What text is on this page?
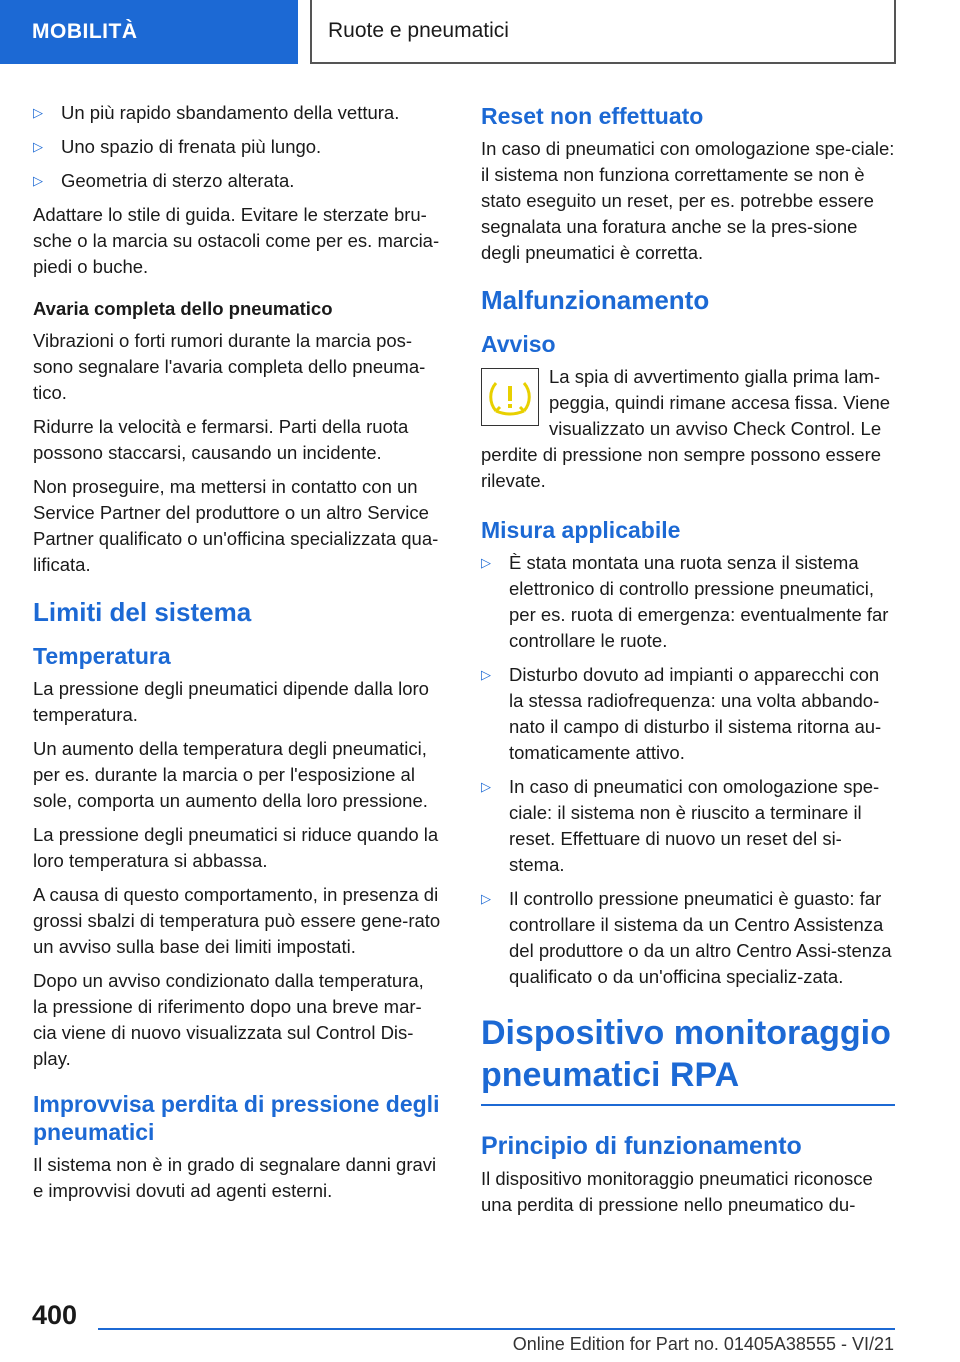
MOBILITÀ	Ruote e pneumatici
▷ Un più rapido sbandamento della vettura.
▷ Uno spazio di frenata più lungo.
▷ Geometria di sterzo alterata.

Adattare lo stile di guida. Evitare le sterzate bru-sche o la marcia su ostacoli come per es. marcia-piedi o buche.

Avaria completa dello pneumatico

Vibrazioni o forti rumori durante la marcia pos-sono segnalare l'avaria completa dello pneuma-tico.

Ridurre la velocità e fermarsi. Parti della ruota possono staccarsi, causando un incidente.

Non proseguire, ma mettersi in contatto con un Service Partner del produttore o un altro Service Partner qualificato o un'officina specializzata qua-lificata.

Limiti del sistema
Temperatura

La pressione degli pneumatici dipende dalla loro temperatura.

Un aumento della temperatura degli pneumatici, per es. durante la marcia o per l'esposizione al sole, comporta un aumento della loro pressione.

La pressione degli pneumatici si riduce quando la loro temperatura si abbassa.

A causa di questo comportamento, in presenza di grossi sbalzi di temperatura può essere gene-rato un avviso sulla base dei limiti impostati.

Dopo un avviso condizionato dalla temperatura, la pressione di riferimento dopo una breve mar-cia viene di nuovo visualizzata sul Control Dis-play.

Improvvisa perdita di pressione degli pneumatici

Il sistema non è in grado di segnalare danni gravi e improvvisi dovuti ad agenti esterni.

Reset non effettuato

In caso di pneumatici con omologazione spe-ciale: il sistema non funziona correttamente se non è stato eseguito un reset, per es. potrebbe essere segnalata una foratura anche se la pres-sione degli pneumatici è corretta.

Malfunzionamento
Avviso

La spia di avvertimento gialla prima lam-peggia, quindi rimane accesa fissa. Viene visualizzato un avviso Check Control. Le perdite di pressione non sempre possono essere rilevate.

Misura applicabile
▷ È stata montata una ruota senza il sistema elettronico di controllo pressione pneumatici, per es. ruota di emergenza: eventualmente far controllare le ruote.
▷ Disturbo dovuto ad impianti o apparecchi con la stessa radiofrequenza: una volta abbando-nato il campo di disturbo il sistema ritorna au-tomaticamente attivo.
▷ In caso di pneumatici con omologazione spe-ciale: il sistema non è riuscito a terminare il reset. Effettuare di nuovo un reset del si-stema.
▷ Il controllo pressione pneumatici è guasto: far controllare il sistema da un Centro Assistenza del produttore o da un altro Centro Assi-stenza qualificato o da un'officina specializ-zata.
Dispositivo monitoraggio pneumatici RPA
Principio di funzionamento

Il dispositivo monitoraggio pneumatici riconosce una perdita di pressione nello pneumatico du-

400
Online Edition for Part no. 01405A38555 - VI/21
